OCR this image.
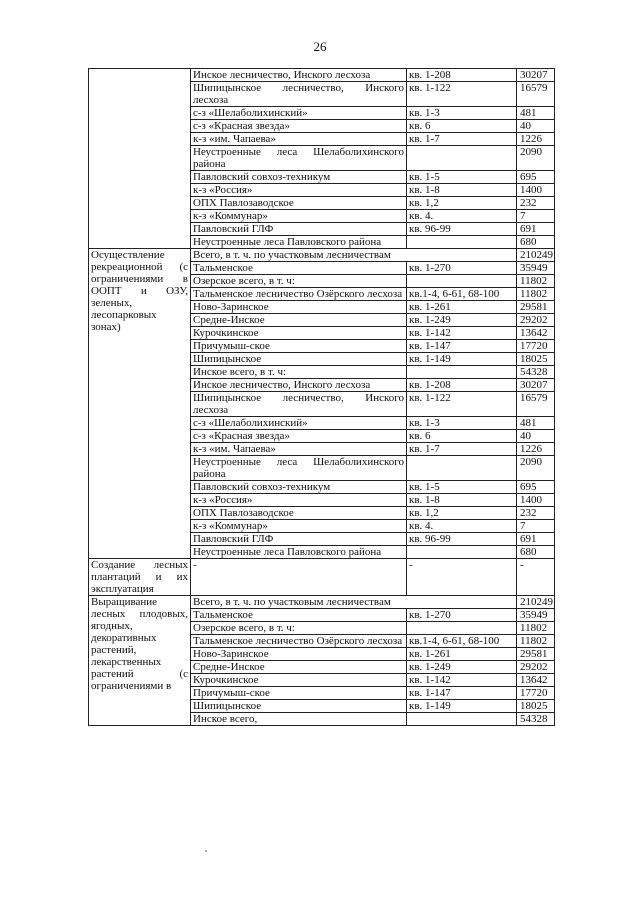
26
	Инское лесничество, Инского лесхоза	кв. 1-208	30207
	Шипицынское лесничество, Инского лесхоза	кв. 1-122	16579
	с-з «Шелаболихинский»	кв. 1-3	481
	с-з «Красная звезда»	кв. 6	40
	к-з «им. Чапаева»	кв. 1-7	1226
	Неустроенные леса Шелаболихинского района		2090
	Павловский совхоз-техникум	кв. 1-5	695
	к-з «Россия»	кв. 1-8	1400
	ОПХ Павлозаводское	кв. 1,2	232
	к-з «Коммунар»	кв. 4.	7
	Павловский ГЛФ	кв. 96-99	691
	Неустроенные леса Павловского района		680
Осуществление рекреационной (с ограничениями в ООПТ и ОЗУ, зеленых, лесопарковых зонах)	Всего, в т. ч. по участковым лесничествам		210249
	Тальменское	кв. 1-270	35949
	Озерское всего, в т. ч:		11802
	Тальменское лесничество Озёрского лесхоза	кв.1-4, 6-61, 68-100	11802
	Ново-Заринское	кв. 1-261	29581
	Средне-Инское	кв. 1-249	29202
	Курочкинское	кв. 1-142	13642
	Причумыш-ское	кв. 1-147	17720
	Шипицынское	кв. 1-149	18025
	Инское всего, в т. ч:		54328
	Инское лесничество, Инского лесхоза	кв. 1-208	30207
	Шипицынское лесничество, Инского лесхоза	кв. 1-122	16579
	с-з «Шелаболихинский»	кв. 1-3	481
	с-з «Красная звезда»	кв. 6	40
	к-з «им. Чапаева»	кв. 1-7	1226
	Неустроенные леса Шелаболихинского района		2090
	Павловский совхоз-техникум	кв. 1-5	695
	к-з «Россия»	кв. 1-8	1400
	ОПХ Павлозаводское	кв. 1,2	232
	к-з «Коммунар»	кв. 4.	7
	Павловский ГЛФ	кв. 96-99	691
	Неустроенные леса Павловского района		680
Создание лесных плантаций и их эксплуатация	-	-	-
Выращивание лесных плодовых, ягодных, декоративных растений, лекарственных растений (с ограничениями в	Всего, в т. ч. по участковым лесничествам		210249
	Тальменское	кв. 1-270	35949
	Озерское всего, в т. ч:		11802
	Тальменское лесничество Озёрского лесхоза	кв.1-4, 6-61, 68-100	11802
	Ново-Заринское	кв. 1-261	29581
	Средне-Инское	кв. 1-249	29202
	Курочкинское	кв. 1-142	13642
	Причумыш-ское	кв. 1-147	17720
	Шипицынское	кв. 1-149	18025
	Инское всего,		54328
